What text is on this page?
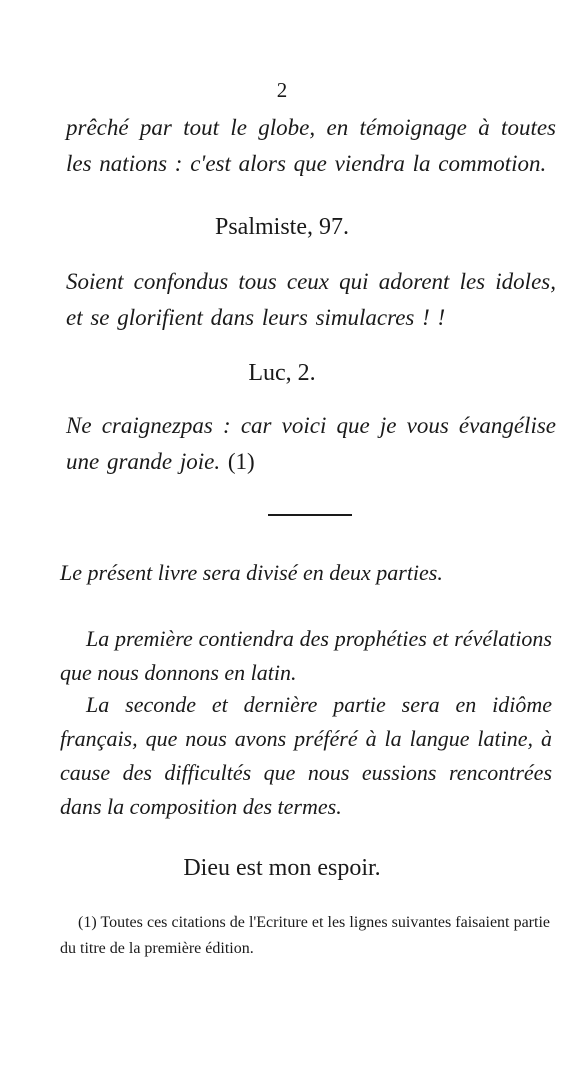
2

prêché par tout le globe, en témoignage à toutes les nations : c'est alors que viendra la commotion.

Psalmiste, 97.

Soient confondus tous ceux qui adorent les idoles, et se glorifient dans leurs simulacres ! !

Luc, 2.

Ne craignezpas : car voici que je vous évangélise une grande joie. (1)

Le présent livre sera divisé en deux parties.

La première contiendra des prophéties et révélations que nous donnons en latin.

La seconde et dernière partie sera en idiôme français, que nous avons préféré à la langue latine, à cause des difficultés que nous eussions rencontrées dans la composition des termes.

Dieu est mon espoir.

(1) Toutes ces citations de l'Ecriture et les lignes suivantes faisaient partie du titre de la première édition.
